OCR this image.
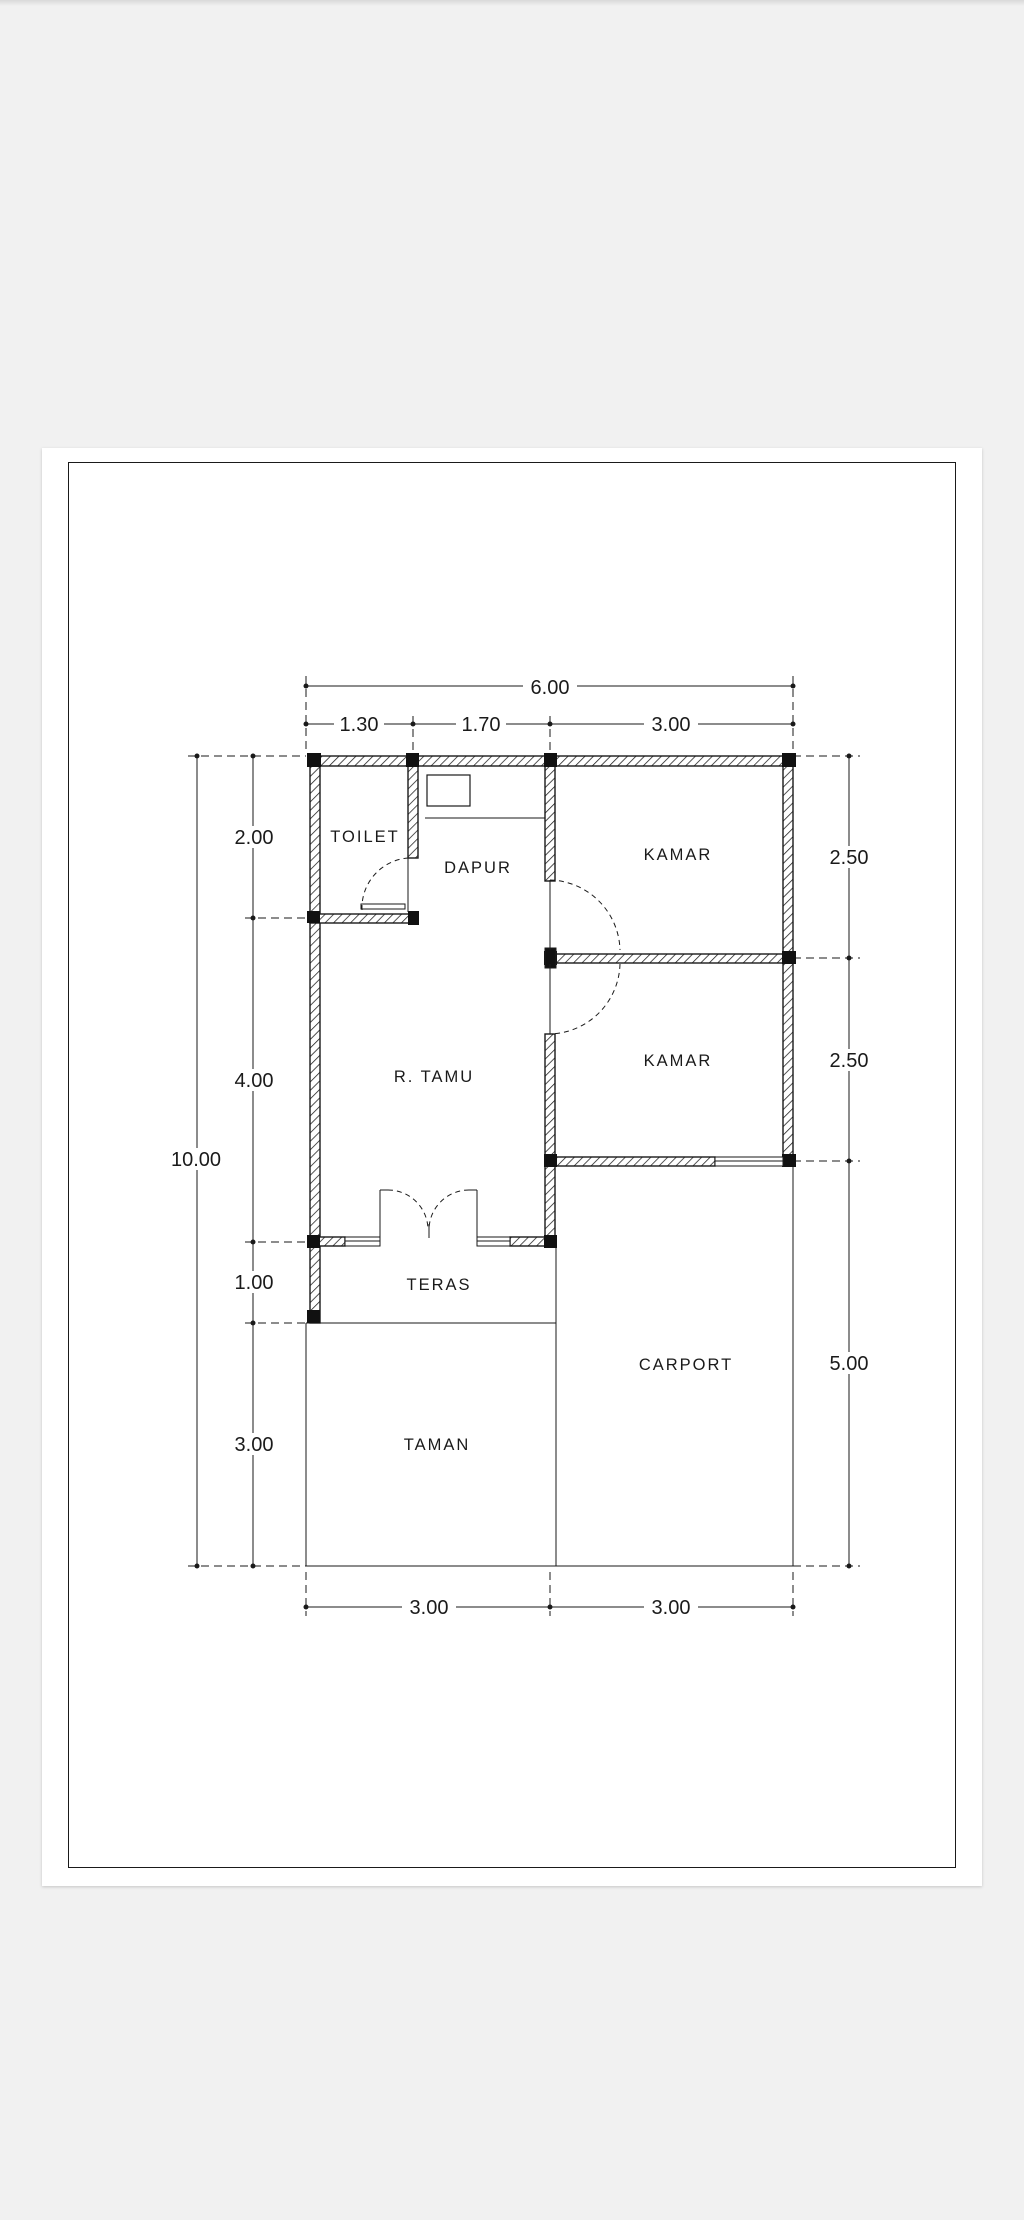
6.00
1.30	1.70	3.00
10.00
2.00
4.00
1.00
3.00
2.50
2.50
5.00
3.00	3.00
TOILET
DAPUR
KAMAR
KAMAR
R. TAMU
TERAS
CARPORT
TAMAN
